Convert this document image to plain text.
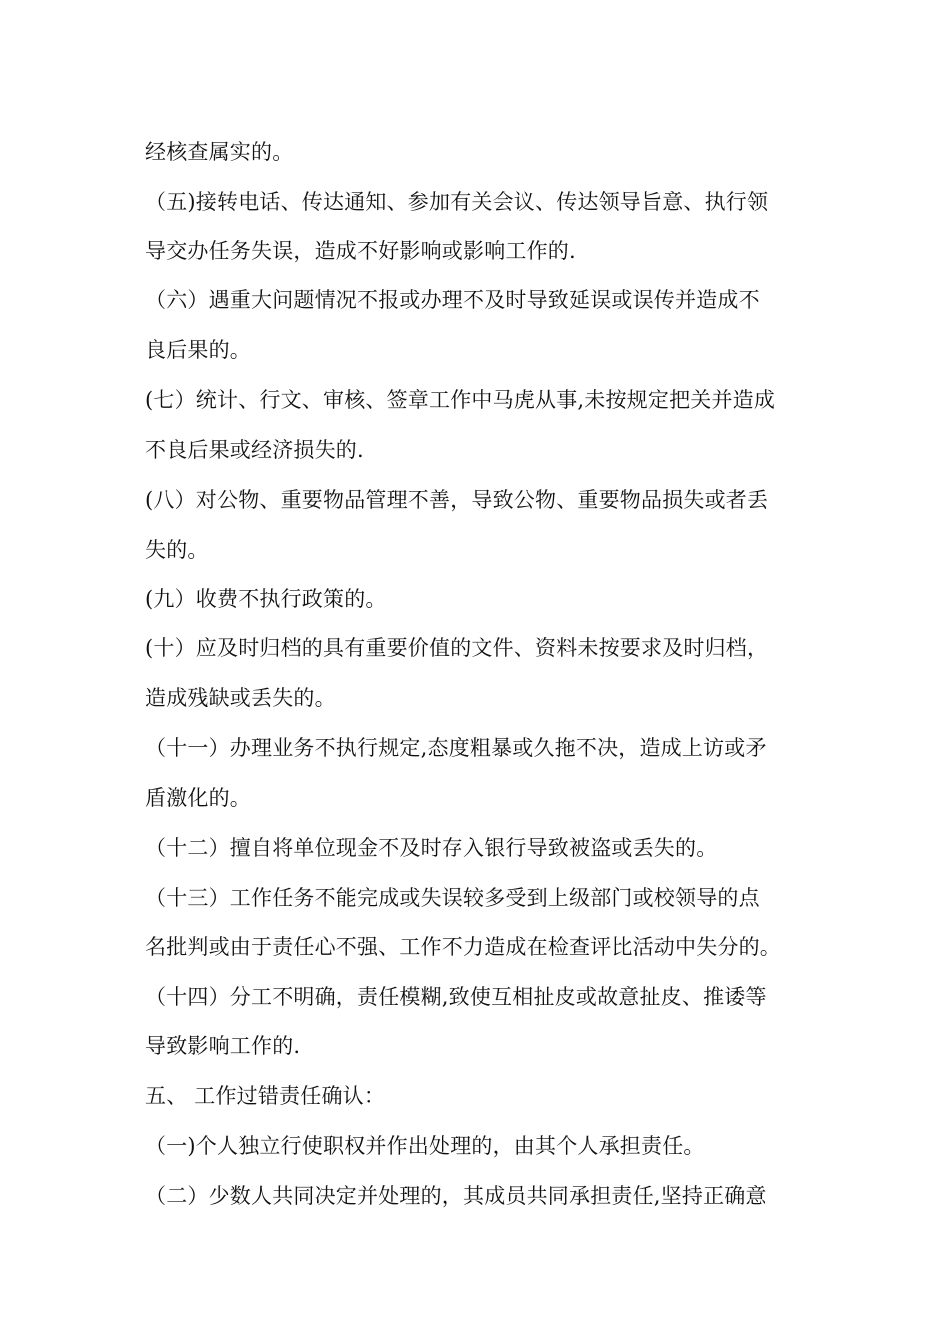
经核查属实的。
（五)接转电话、传达通知、参加有关会议、传达领导旨意、执行领
导交办任务失误，造成不好影响或影响工作的.
（六）遇重大问题情况不报或办理不及时导致延误或误传并造成不
良后果的。
(七）统计、行文、审核、签章工作中马虎从事,未按规定把关并造成
不良后果或经济损失的.
(八）对公物、重要物品管理不善，导致公物、重要物品损失或者丢
失的。
(九）收费不执行政策的。
(十）应及时归档的具有重要价值的文件、资料未按要求及时归档，
造成残缺或丢失的。
（十一）办理业务不执行规定,态度粗暴或久拖不决，造成上访或矛
盾激化的。
（十二）擅自将单位现金不及时存入银行导致被盗或丢失的。
（十三）工作任务不能完成或失误较多受到上级部门或校领导的点
名批判或由于责任心不强、工作不力造成在检查评比活动中失分的。
（十四）分工不明确，责任模糊,致使互相扯皮或故意扯皮、推诿等
导致影响工作的.
五、 工作过错责任确认：
（一)个人独立行使职权并作出处理的，由其个人承担责任。
（二）少数人共同决定并处理的，其成员共同承担责任,坚持正确意
